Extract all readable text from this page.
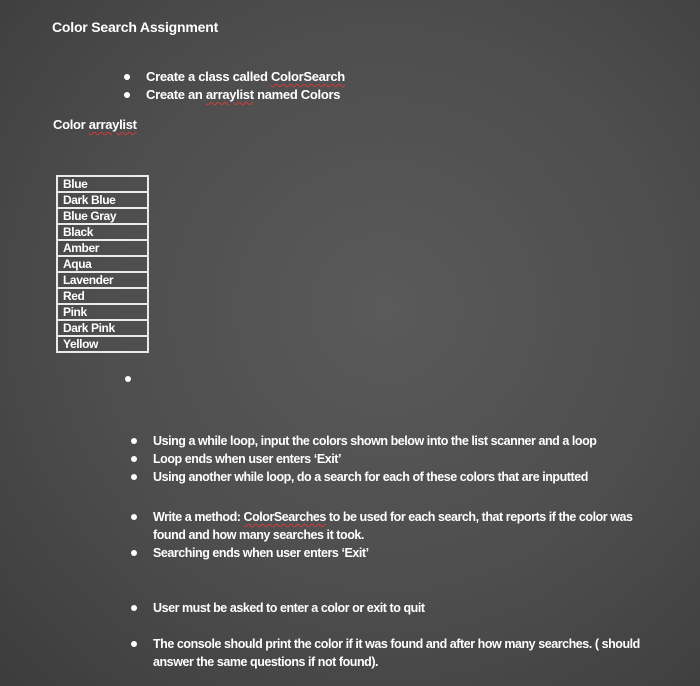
Color Search Assignment
Create a class called ColorSearch
Create an arraylist named Colors
Color arraylist
Blue
Dark Blue
Blue Gray
Black
Amber
Aqua
Lavender
Red
Pink
Dark Pink
Yellow
Using a while loop, input the colors shown below into the list scanner and a loop
Loop ends when user enters ‘Exit’
Using another while loop, do a search for each of these colors that are inputted
Write a method: ColorSearches to be used for each search, that reports if the color was found and how many searches it took.
Searching ends when user enters ‘Exit’
User must be asked to enter a color or exit to quit
The console should print the color if it was found and after how many searches. ( should answer the same questions if not found).
